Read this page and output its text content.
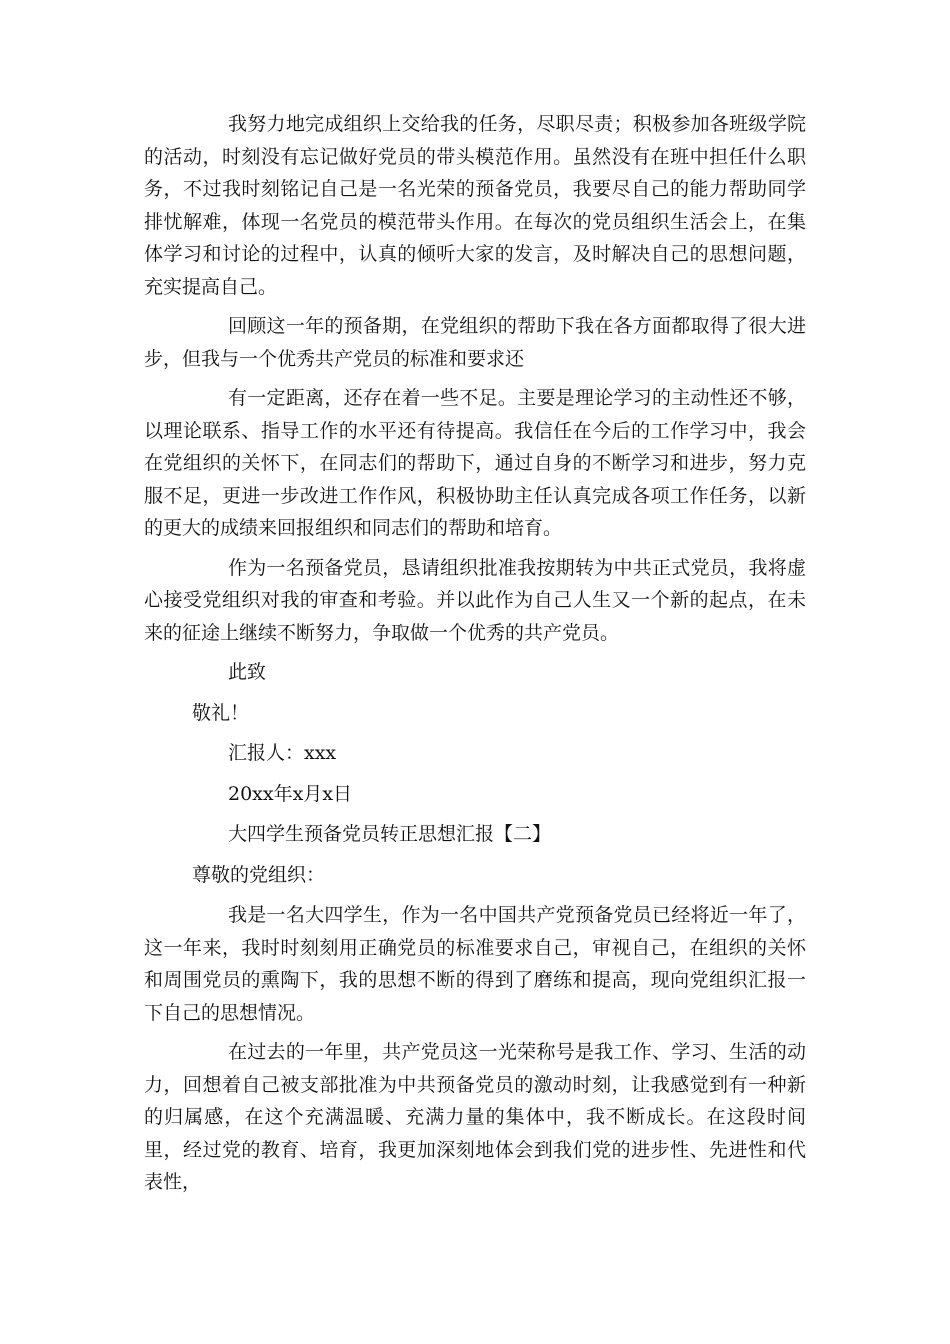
我努力地完成组织上交给我的任务，尽职尽责；积极参加各班级学院的活动，时刻没有忘记做好党员的带头模范作用。虽然没有在班中担任什么职务，不过我时刻铭记自己是一名光荣的预备党员，我要尽自己的能力帮助同学排忧解难，体现一名党员的模范带头作用。在每次的党员组织生活会上，在集体学习和讨论的过程中，认真的倾听大家的发言，及时解决自己的思想问题，充实提高自己。

回顾这一年的预备期，在党组织的帮助下我在各方面都取得了很大进步，但我与一个优秀共产党员的标准和要求还

有一定距离，还存在着一些不足。主要是理论学习的主动性还不够，以理论联系、指导工作的水平还有待提高。我信任在今后的工作学习中，我会在党组织的关怀下，在同志们的帮助下，通过自身的不断学习和进步，努力克服不足，更进一步改进工作作风，积极协助主任认真完成各项工作任务，以新的更大的成绩来回报组织和同志们的帮助和培育。

作为一名预备党员，恳请组织批准我按期转为中共正式党员，我将虚心接受党组织对我的审查和考验。并以此作为自己人生又一个新的起点，在未来的征途上继续不断努力，争取做一个优秀的共产党员。

此致
敬礼！
汇报人：xxx
20xx年x月x日
大四学生预备党员转正思想汇报【二】
尊敬的党组织：

我是一名大四学生，作为一名中国共产党预备党员已经将近一年了，这一年来，我时时刻刻用正确党员的标准要求自己，审视自己，在组织的关怀和周围党员的熏陶下，我的思想不断的得到了磨练和提高，现向党组织汇报一下自己的思想情况。

在过去的一年里，共产党员这一光荣称号是我工作、学习、生活的动力，回想着自己被支部批准为中共预备党员的激动时刻，让我感觉到有一种新的归属感，在这个充满温暖、充满力量的集体中，我不断成长。在这段时间里，经过党的教育、培育，我更加深刻地体会到我们党的进步性、先进性和代表性，
